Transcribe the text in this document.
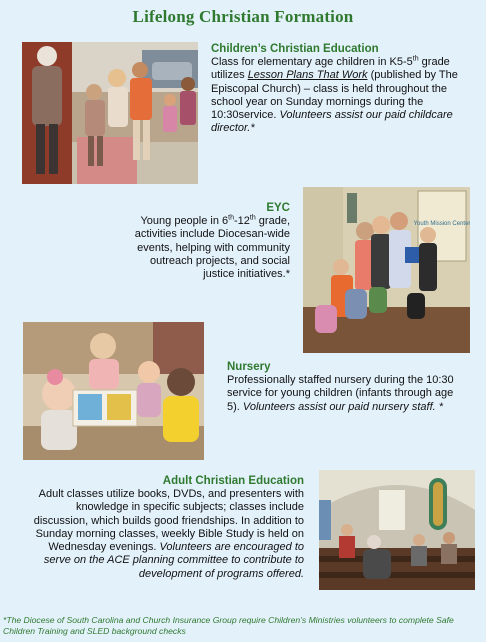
Lifelong Christian Formation
Children’s Christian Education
Class for elementary age children in K5-5th grade utilizes Lesson Plans That Work (published by The Episcopal Church) – class is held throughout the school year on Sunday mornings during the 10:30service. Volunteers assist our paid childcare director.*
EYC
Young people in 6th-12th grade, activities include Diocesan-wide events, helping with community outreach projects, and social justice initiatives.*
Youth Mission Center
Nursery
Professionally staffed nursery during the 10:30 service for young children (infants through age 5). Volunteers assist our paid nursery staff. *
Adult Christian Education
Adult classes utilize books, DVDs, and presenters with knowledge in specific subjects; classes include discussion, which builds good friendships. In addition to Sunday morning classes, weekly Bible Study is held on Wednesday evenings. Volunteers are encouraged to serve on the ACE planning committee to contribute to development of programs offered.
*The Diocese of South Carolina and Church Insurance Group require Children’s Ministries volunteers to complete Safe Children Training and SLED background checks
